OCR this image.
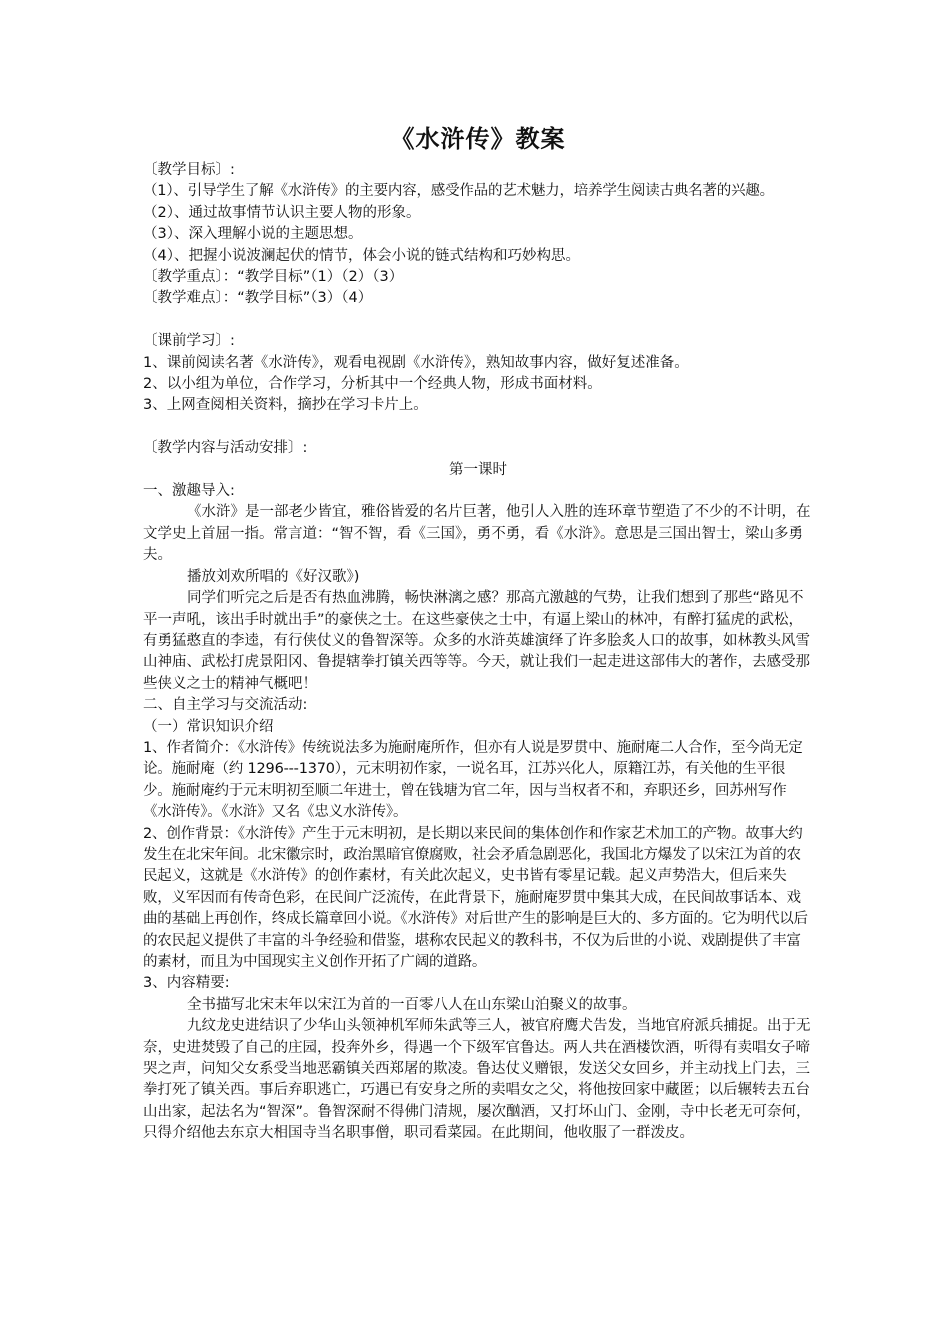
《水浒传》教案

〔教学目标〕:

（1）、引导学生了解《水浒传》的主要内容，感受作品的艺术魅力，培养学生阅读古典名著的兴趣。

（2）、通过故事情节认识主要人物的形象。

（3）、深入理解小说的主题思想。

（4）、把握小说波澜起伏的情节，体会小说的链式结构和巧妙构思。

〔教学重点〕：“教学目标”（1）（2）（3）

〔教学难点〕：“教学目标”（3）（4）

〔课前学习〕:

1、课前阅读名著《水浒传》，观看电视剧《水浒传》，熟知故事内容，做好复述准备。

2、以小组为单位，合作学习，分析其中一个经典人物，形成书面材料。

3、上网查阅相关资料，摘抄在学习卡片上。

〔教学内容与活动安排〕:

第一课时

一、激趣导入:

《水浒》是一部老少皆宜，雅俗皆爱的名片巨著，他引人入胜的连环章节塑造了不少的不计明，在文学史上首屈一指。常言道：“智不智，看《三国》，勇不勇，看《水浒》。意思是三国出智士，梁山多勇夫。

播放刘欢所唱的《好汉歌》)

同学们听完之后是否有热血沸腾，畅快淋漓之感？那高亢激越的气势，让我们想到了那些“路见不平一声吼，该出手时就出手”的豪侠之士。在这些豪侠之士中，有逼上梁山的林冲，有醉打猛虎的武松，有勇猛憨直的李逵，有行侠仗义的鲁智深等。众多的水浒英雄演绎了许多脍炙人口的故事，如林教头风雪山神庙、武松打虎景阳冈、鲁提辖拳打镇关西等等。今天，就让我们一起走进这部伟大的著作，去感受那些侠义之士的精神气概吧！

二、自主学习与交流活动:

（一）常识知识介绍

1、作者简介：《水浒传》传统说法多为施耐庵所作，但亦有人说是罗贯中、施耐庵二人合作，至今尚无定论。施耐庵（约 1296---1370），元末明初作家，一说名耳，江苏兴化人，原籍江苏，有关他的生平很少。施耐庵约于元末明初至顺二年进士，曾在钱塘为官二年，因与当权者不和，弃职还乡，回苏州写作《水浒传》。《水浒》又名《忠义水浒传》。

2、创作背景：《水浒传》产生于元末明初，是长期以来民间的集体创作和作家艺术加工的产物。故事大约发生在北宋年间。北宋徽宗时，政治黑暗官僚腐败，社会矛盾急剧恶化，我国北方爆发了以宋江为首的农民起义，这就是《水浒传》的创作素材，有关此次起义，史书皆有零星记载。起义声势浩大，但后来失败，义军因而有传奇色彩，在民间广泛流传，在此背景下，施耐庵罗贯中集其大成，在民间故事话本、戏曲的基础上再创作，终成长篇章回小说。《水浒传》对后世产生的影响是巨大的、多方面的。它为明代以后的农民起义提供了丰富的斗争经验和借鉴，堪称农民起义的教科书，不仅为后世的小说、戏剧提供了丰富的素材，而且为中国现实主义创作开拓了广阔的道路。

3、内容精要:

全书描写北宋末年以宋江为首的一百零八人在山东梁山泊聚义的故事。

九纹龙史进结识了少华山头领神机军师朱武等三人，被官府鹰犬告发，当地官府派兵捕捉。出于无奈，史进焚毁了自己的庄园，投奔外乡，得遇一个下级军官鲁达。两人共在酒楼饮酒，听得有卖唱女子啼哭之声，问知父女系受当地恶霸镇关西郑屠的欺凌。鲁达仗义赠银，发送父女回乡，并主动找上门去，三拳打死了镇关西。事后弃职逃亡，巧遇已有安身之所的卖唱女之父，将他按回家中藏匿；以后辗转去五台山出家，起法名为“智深”。鲁智深耐不得佛门清规，屡次酗酒，又打坏山门、金刚，寺中长老无可奈何，只得介绍他去东京大相国寺当名职事僧，职司看菜园。在此期间，他收服了一群泼皮。
